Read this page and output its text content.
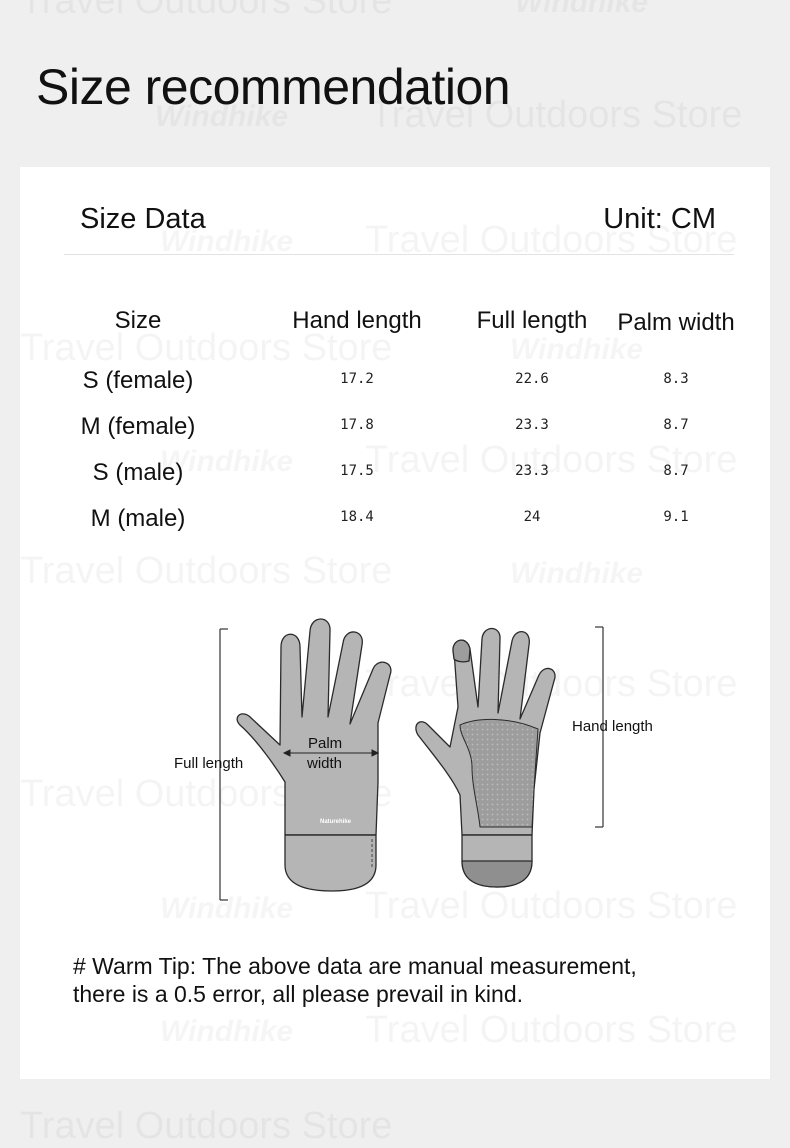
Size recommendation
Size Data	Unit: CM
Size	Hand length	Full length	Palm width
S (female)	17.2	22.6	8.3
M (female)	17.8	23.3	8.7
S (male)	17.5	23.3	8.7
M (male)	18.4	24	9.1
Full length
Palm
width
Naturehike
Hand length
# Warm Tip: The above data are manual measurement,
there is a 0.5 error, all please prevail in kind.
